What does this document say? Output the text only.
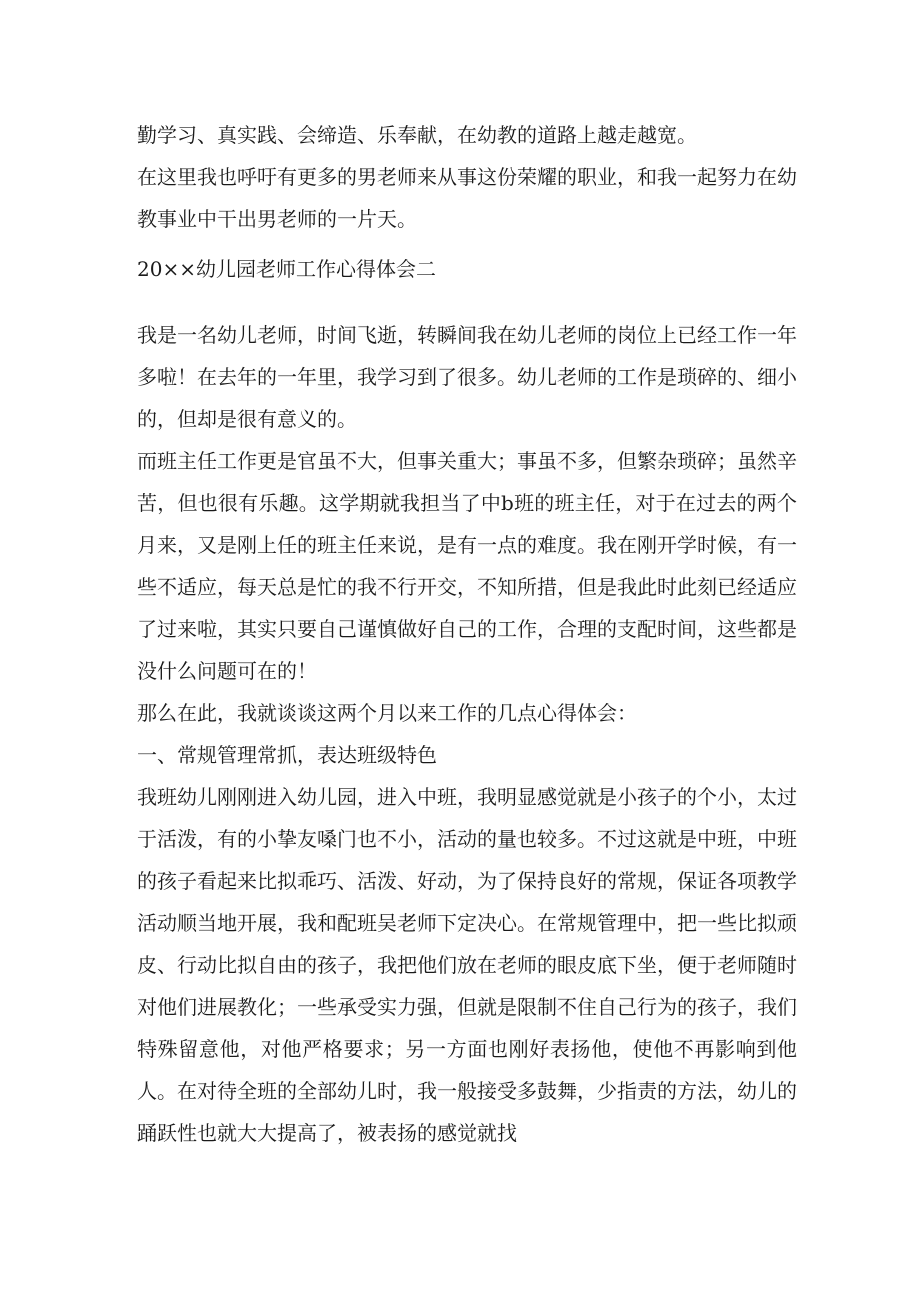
勤学习、真实践、会缔造、乐奉献，在幼教的道路上越走越宽。

在这里我也呼吁有更多的男老师来从事这份荣耀的职业，和我一起努力在幼教事业中干出男老师的一片天。

20××幼儿园老师工作心得体会二

我是一名幼儿老师，时间飞逝，转瞬间我在幼儿老师的岗位上已经工作一年多啦！在去年的一年里，我学习到了很多。幼儿老师的工作是琐碎的、细小的，但却是很有意义的。

而班主任工作更是官虽不大，但事关重大；事虽不多，但繁杂琐碎；虽然辛苦，但也很有乐趣。这学期就我担当了中b班的班主任，对于在过去的两个月来，又是刚上任的班主任来说，是有一点的难度。我在刚开学时候，有一些不适应，每天总是忙的我不行开交，不知所措，但是我此时此刻已经适应了过来啦，其实只要自己谨慎做好自己的工作，合理的支配时间，这些都是没什么问题可在的！

那么在此，我就谈谈这两个月以来工作的几点心得体会：

一、常规管理常抓，表达班级特色

我班幼儿刚刚进入幼儿园，进入中班，我明显感觉就是小孩子的个小，太过于活泼，有的小挚友嗓门也不小，活动的量也较多。不过这就是中班，中班的孩子看起来比拟乖巧、活泼、好动，为了保持良好的常规，保证各项教学活动顺当地开展，我和配班吴老师下定决心。在常规管理中，把一些比拟顽皮、行动比拟自由的孩子，我把他们放在老师的眼皮底下坐，便于老师随时对他们进展教化；一些承受实力强，但就是限制不住自己行为的孩子，我们特殊留意他，对他严格要求；另一方面也刚好表扬他，使他不再影响到他人。在对待全班的全部幼儿时，我一般接受多鼓舞，少指责的方法，幼儿的踊跃性也就大大提高了，被表扬的感觉就找
